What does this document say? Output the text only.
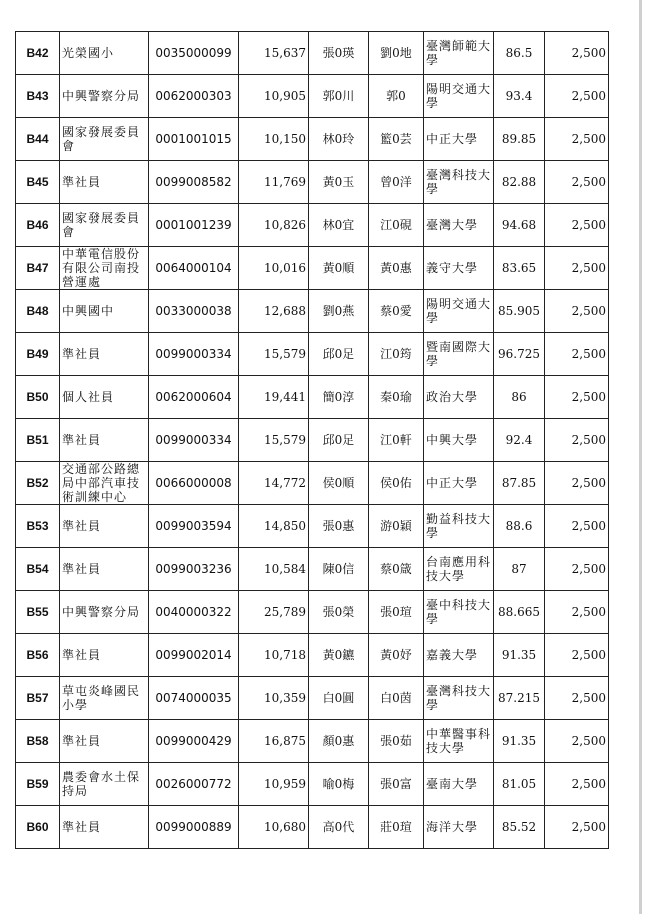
B42	光榮國小	0035000099	15,637	張0瑛	劉0地	臺灣師範大學	86.5	2,500
B43	中興警察分局	0062000303	10,905	郭0川	郭0	陽明交通大學	93.4	2,500
B44	國家發展委員會	0001001015	10,150	林0玲	籃0芸	中正大學	89.85	2,500
B45	準社員	0099008582	11,769	黃0玉	曾0洋	臺灣科技大學	82.88	2,500
B46	國家發展委員會	0001001239	10,826	林0宜	江0硯	臺灣大學	94.68	2,500
B47	中華電信股份有限公司南投營運處	0064000104	10,016	黃0順	黃0惠	義守大學	83.65	2,500
B48	中興國中	0033000038	12,688	劉0燕	蔡0愛	陽明交通大學	85.905	2,500
B49	準社員	0099000334	15,579	邱0足	江0筠	暨南國際大學	96.725	2,500
B50	個人社員	0062000604	19,441	簡0淳	秦0瑜	政治大學	86	2,500
B51	準社員	0099000334	15,579	邱0足	江0軒	中興大學	92.4	2,500
B52	交通部公路總局中部汽車技術訓練中心	0066000008	14,772	侯0順	侯0佑	中正大學	87.85	2,500
B53	準社員	0099003594	14,850	張0惠	游0穎	勤益科技大學	88.6	2,500
B54	準社員	0099003236	10,584	陳0信	蔡0箴	台南應用科技大學	87	2,500
B55	中興警察分局	0040000322	25,789	張0榮	張0瑄	臺中科技大學	88.665	2,500
B56	準社員	0099002014	10,718	黃0鑣	黃0妤	嘉義大學	91.35	2,500
B57	草屯炎峰國民小學	0074000035	10,359	白0圓	白0茵	臺灣科技大學	87.215	2,500
B58	準社員	0099000429	16,875	顏0惠	張0茹	中華醫事科技大學	91.35	2,500
B59	農委會水土保持局	0026000772	10,959	喻0梅	張0富	臺南大學	81.05	2,500
B60	準社員	0099000889	10,680	高0代	莊0瑄	海洋大學	85.52	2,500
